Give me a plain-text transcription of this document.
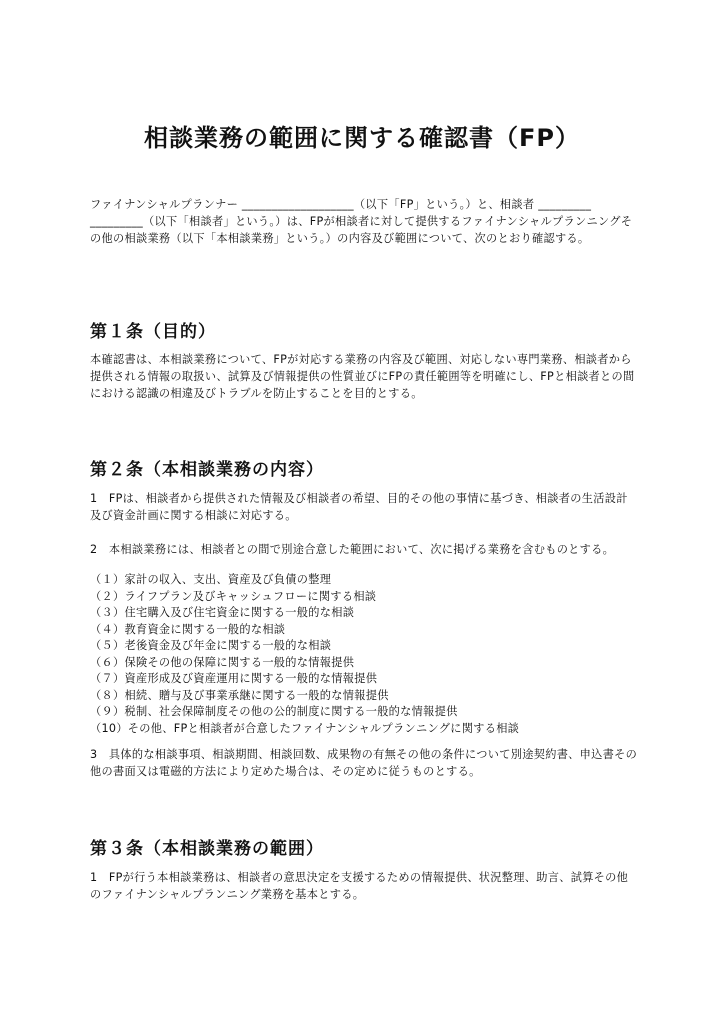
相談業務の範囲に関する確認書（FP）

ファイナンシャルプランナー ___________________（以下「FP」という。）と、相談者 _________ _________（以下「相談者」という。）は、FPが相談者に対して提供するファイナンシャルプランニングその他の相談業務（以下「本相談業務」という。）の内容及び範囲について、次のとおり確認する。

第１条（目的）

本確認書は、本相談業務について、FPが対応する業務の内容及び範囲、対応しない専門業務、相談者から提供される情報の取扱い、試算及び情報提供の性質並びにFPの責任範囲等を明確にし、FPと相談者との間における認識の相違及びトラブルを防止することを目的とする。

第２条（本相談業務の内容）

1　FPは、相談者から提供された情報及び相談者の希望、目的その他の事情に基づき、相談者の生活設計及び資金計画に関する相談に対応する。

2　本相談業務には、相談者との間で別途合意した範囲において、次に掲げる業務を含むものとする。

（１）家計の収入、支出、資産及び負債の整理
（２）ライフプラン及びキャッシュフローに関する相談
（３）住宅購入及び住宅資金に関する一般的な相談
（４）教育資金に関する一般的な相談
（５）老後資金及び年金に関する一般的な相談
（６）保険その他の保障に関する一般的な情報提供
（７）資産形成及び資産運用に関する一般的な情報提供
（８）相続、贈与及び事業承継に関する一般的な情報提供
（９）税制、社会保障制度その他の公的制度に関する一般的な情報提供
（10）その他、FPと相談者が合意したファイナンシャルプランニングに関する相談

3　具体的な相談事項、相談期間、相談回数、成果物の有無その他の条件について別途契約書、申込書その他の書面又は電磁的方法により定めた場合は、その定めに従うものとする。

第３条（本相談業務の範囲）

1　FPが行う本相談業務は、相談者の意思決定を支援するための情報提供、状況整理、助言、試算その他のファイナンシャルプランニング業務を基本とする。
